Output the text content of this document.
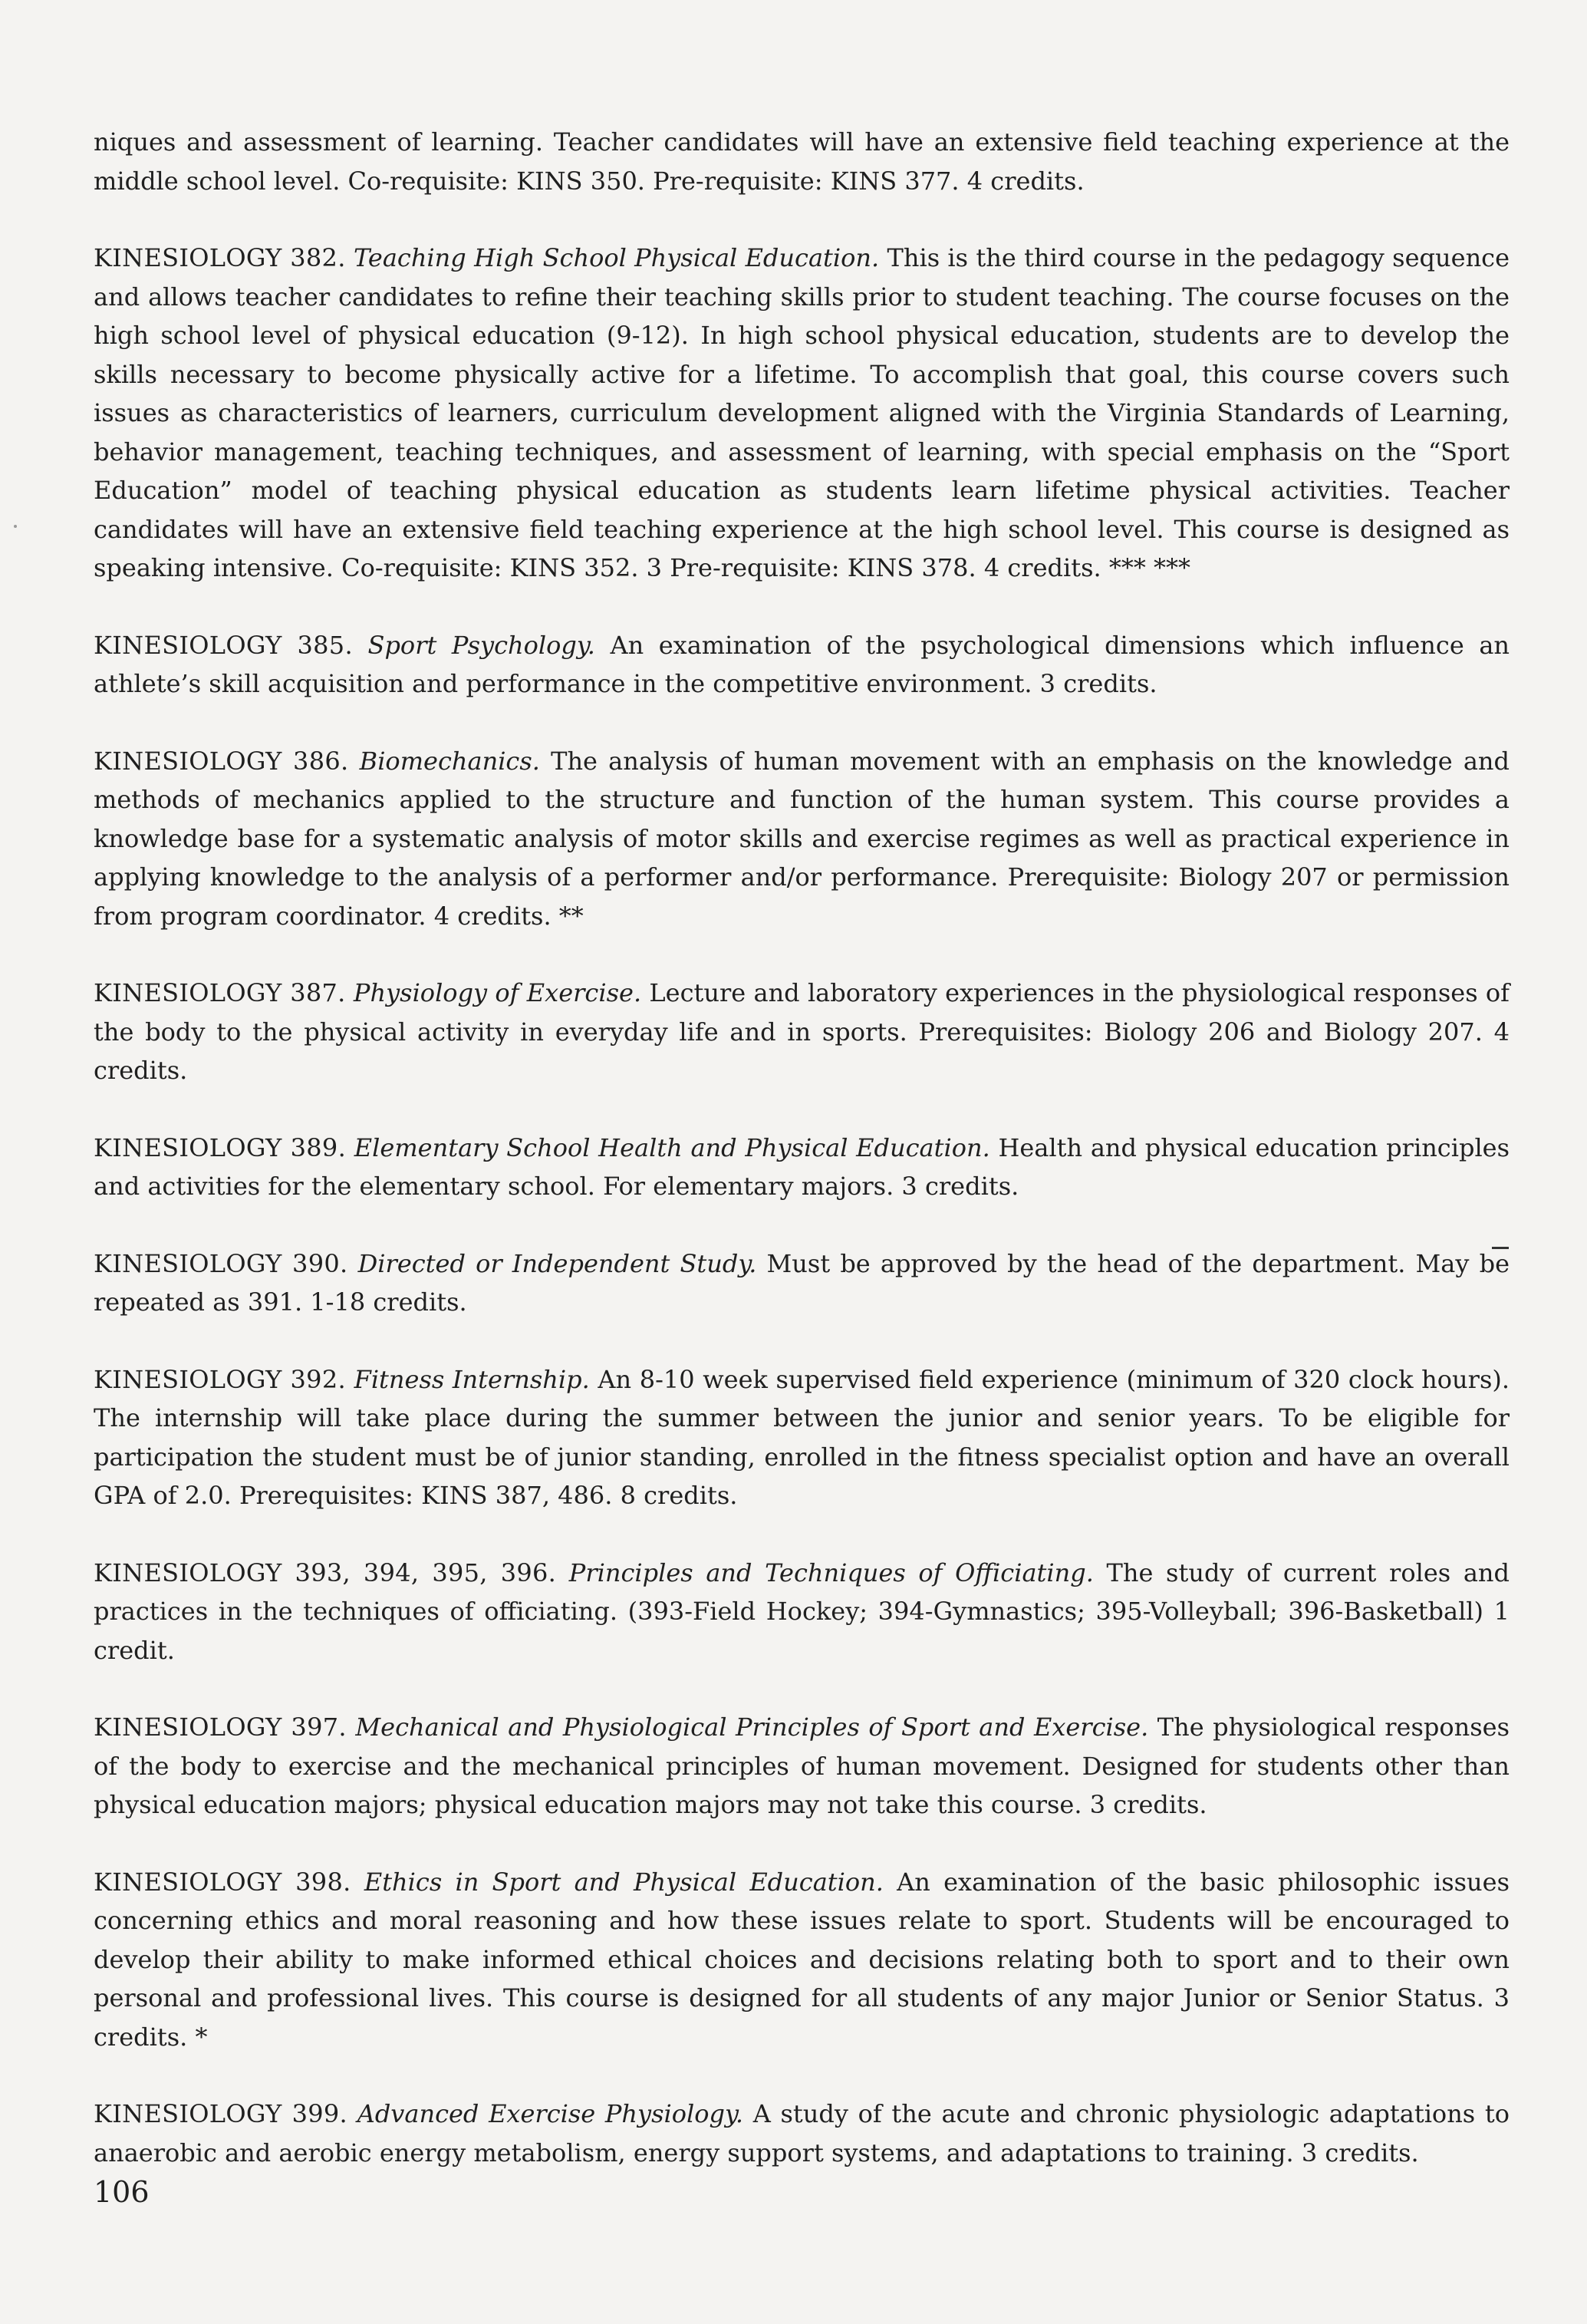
niques and assessment of learning. Teacher candidates will have an extensive field teaching experience at the middle school level. Co-requisite: KINS 350. Pre-requisite: KINS 377. 4 credits.

KINESIOLOGY 382. Teaching High School Physical Education. This is the third course in the pedagogy sequence and allows teacher candidates to refine their teaching skills prior to student teaching. The course focuses on the high school level of physical education (9-12). In high school physical education, students are to develop the skills necessary to become physically active for a lifetime. To accomplish that goal, this course covers such issues as characteristics of learners, curriculum development aligned with the Virginia Standards of Learning, behavior management, teaching techniques, and assessment of learning, with special emphasis on the “Sport Education” model of teaching physical education as students learn lifetime physical activities. Teacher candidates will have an extensive field teaching experience at the high school level. This course is designed as speaking intensive. Co-requisite: KINS 352. 3 Pre-requisite: KINS 378. 4 credits. *** ***

KINESIOLOGY 385. Sport Psychology. An examination of the psychological dimensions which influence an athlete’s skill acquisition and performance in the competitive environment. 3 credits.

KINESIOLOGY 386. Biomechanics. The analysis of human movement with an emphasis on the knowledge and methods of mechanics applied to the structure and function of the human system. This course provides a knowledge base for a systematic analysis of motor skills and exercise regimes as well as practical experience in applying knowledge to the analysis of a performer and/or performance. Prerequisite: Biology 207 or permission from program coordinator. 4 credits. **

KINESIOLOGY 387. Physiology of Exercise. Lecture and laboratory experiences in the physiological responses of the body to the physical activity in everyday life and in sports. Prerequisites: Biology 206 and Biology 207. 4 credits.

KINESIOLOGY 389. Elementary School Health and Physical Education. Health and physical education principles and activities for the elementary school. For elementary majors. 3 credits.

KINESIOLOGY 390. Directed or Independent Study. Must be approved by the head of the department. May be repeated as 391. 1-18 credits.

KINESIOLOGY 392. Fitness Internship. An 8-10 week supervised field experience (minimum of 320 clock hours). The internship will take place during the summer between the junior and senior years. To be eligible for participation the student must be of junior standing, enrolled in the fitness specialist option and have an overall GPA of 2.0. Prerequisites: KINS 387, 486. 8 credits.

KINESIOLOGY 393, 394, 395, 396. Principles and Techniques of Officiating. The study of current roles and practices in the techniques of officiating. (393-Field Hockey; 394-Gymnastics; 395-Volleyball; 396-Basketball) 1 credit.

KINESIOLOGY 397. Mechanical and Physiological Principles of Sport and Exercise. The physiological responses of the body to exercise and the mechanical principles of human movement. Designed for students other than physical education majors; physical education majors may not take this course. 3 credits.

KINESIOLOGY 398. Ethics in Sport and Physical Education. An examination of the basic philosophic issues concerning ethics and moral reasoning and how these issues relate to sport. Students will be encouraged to develop their ability to make informed ethical choices and decisions relating both to sport and to their own personal and professional lives. This course is designed for all students of any major Junior or Senior Status. 3 credits. *

KINESIOLOGY 399. Advanced Exercise Physiology. A study of the acute and chronic physiologic adaptations to anaerobic and aerobic energy metabolism, energy support systems, and adaptations to training. 3 credits.

106
